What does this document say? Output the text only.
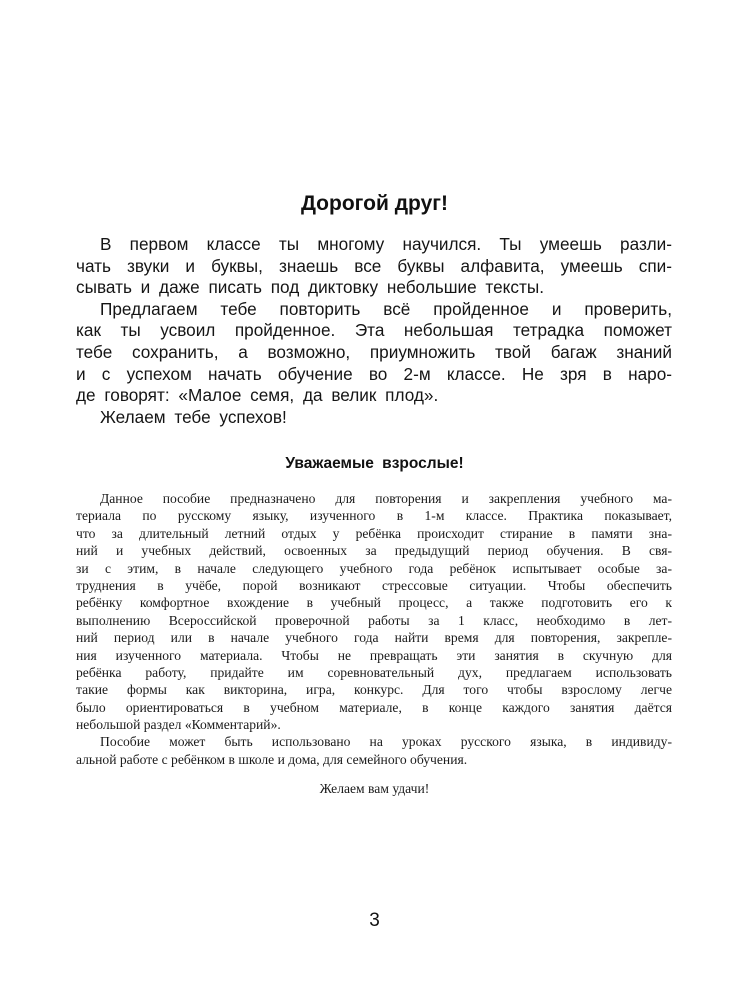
Дорогой друг!
В первом классе ты многому научился. Ты умеешь разли-
чать звуки и буквы, знаешь все буквы алфавита, умеешь спи-
сывать и даже писать под диктовку небольшие тексты.
Предлагаем тебе повторить всё пройденное и проверить,
как ты усвоил пройденное. Эта небольшая тетрадка поможет
тебе сохранить, а возможно, приумножить твой багаж знаний
и с успехом начать обучение во 2-м классе. Не зря в наро-
де говорят: «Малое семя, да велик плод».
Желаем тебе успехов!
Уважаемые взрослые!
Данное пособие предназначено для повторения и закрепления учебного ма-
териала по русскому языку, изученного в 1-м классе. Практика показывает,
что за длительный летний отдых у ребёнка происходит стирание в памяти зна-
ний и учебных действий, освоенных за предыдущий период обучения. В свя-
зи с этим, в начале следующего учебного года ребёнок испытывает особые за-
труднения в учёбе, порой возникают стрессовые ситуации. Чтобы обеспечить
ребёнку комфортное вхождение в учебный процесс, а также подготовить его к
выполнению Всероссийской проверочной работы за 1 класс, необходимо в лет-
ний период или в начале учебного года найти время для повторения, закрепле-
ния изученного материала. Чтобы не превращать эти занятия в скучную для
ребёнка работу, придайте им соревновательный дух, предлагаем использовать
такие формы как викторина, игра, конкурс. Для того чтобы взрослому легче
было ориентироваться в учебном материале, в конце каждого занятия даётся
небольшой раздел «Комментарий».
Пособие может быть использовано на уроках русского языка, в индивиду-
альной работе с ребёнком в школе и дома, для семейного обучения.
Желаем вам удачи!
3
